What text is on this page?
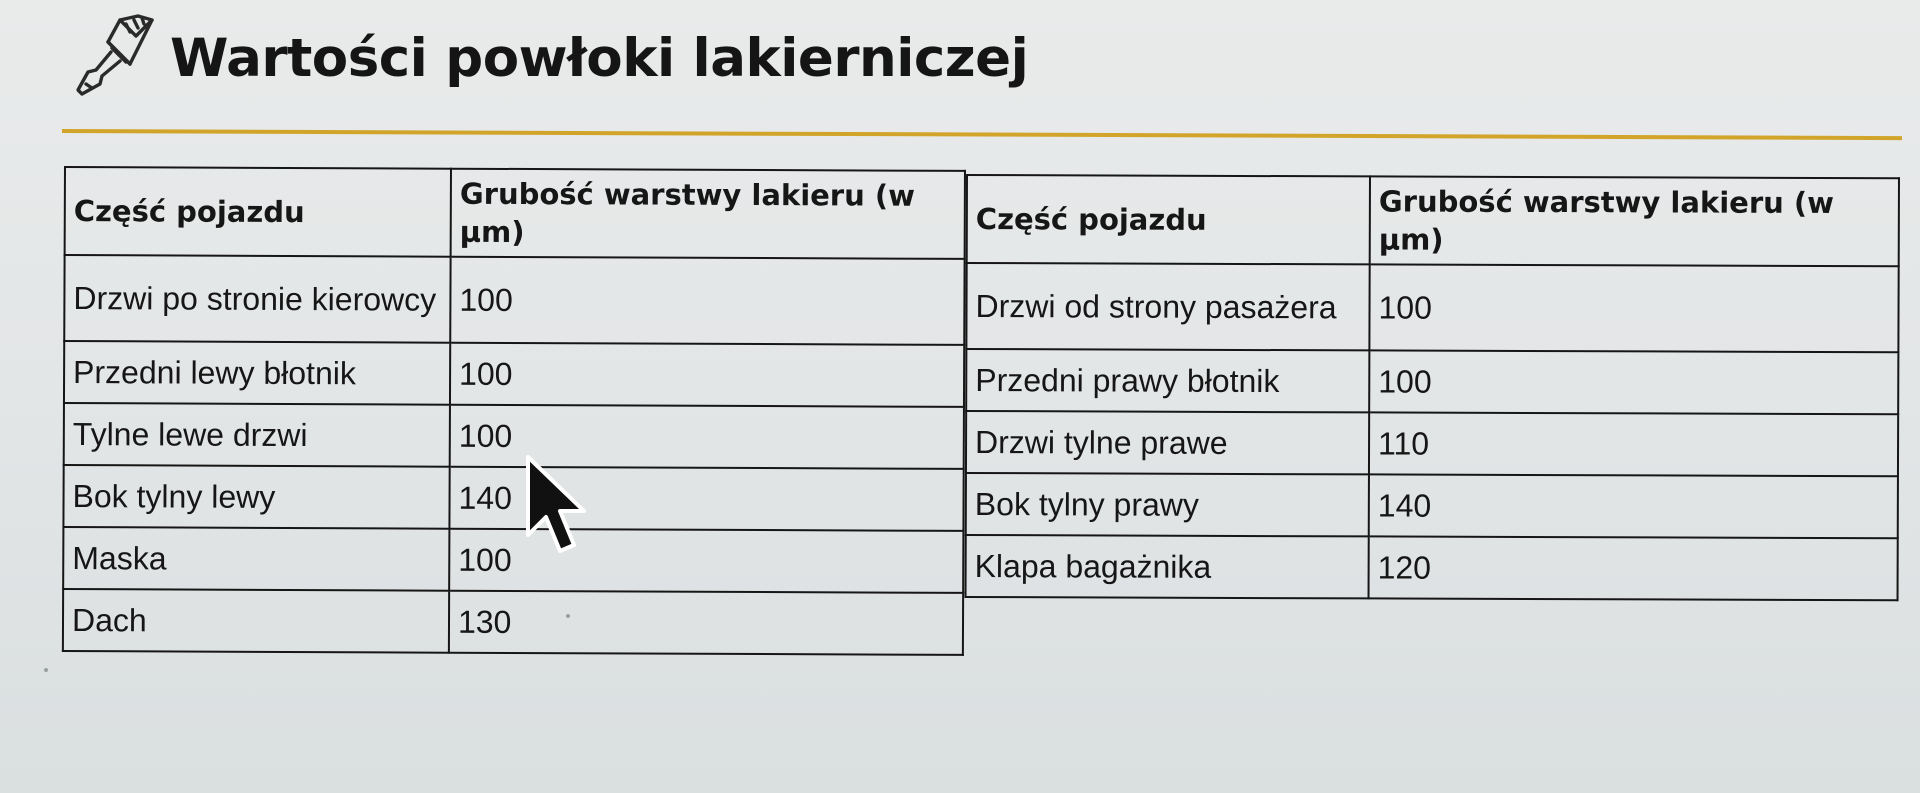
Wartości powłoki lakierniczej
Część pojazdu	Grubość warstwy lakieru (w µm)
Drzwi po stronie kierowcy	100
Przedni lewy błotnik	100
Tylne lewe drzwi	100
Bok tylny lewy	140
Maska	100
Dach	130
Część pojazdu	Grubość warstwy lakieru (w µm)
Drzwi od strony pasażera	100
Przedni prawy błotnik	100
Drzwi tylne prawe	110
Bok tylny prawy	140
Klapa bagażnika	120
